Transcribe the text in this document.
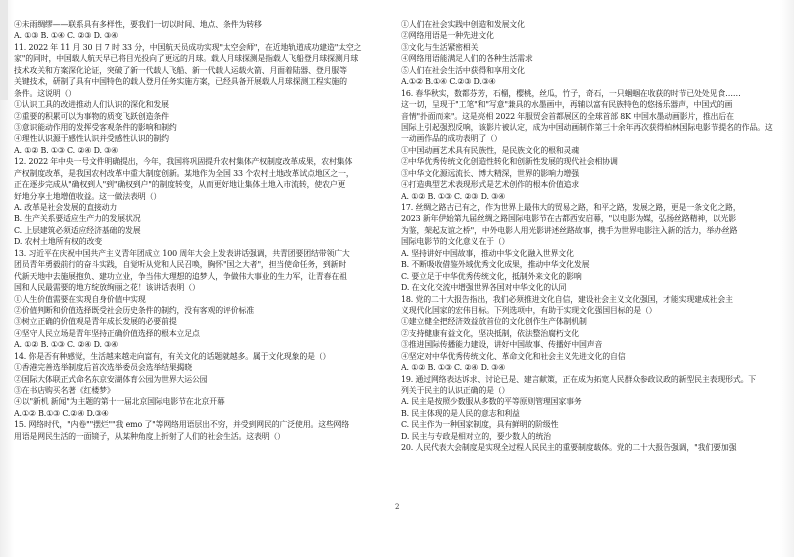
④未雨绸缪——联系具有多样性，要我们一切以时间、地点、条件为转移
A. ①③ B. ①④ C. ②③ D. ③④
11. 2022 年 11 月 30 日 7 时 33 分，中国航天员成功实现"太空会师"，在近地轨道成功建造"太空之
家"的同时，中国载人航天早已将目光投向了更远的月球。载人月球探测是指载人飞船登月球探测月球
技术攻关和方案深化论证，突破了新一代载人飞船、新一代载人运载火箭、月面着陆器、登月服等
关键技术，研制了具有中国特色的载人登月任务实施方案，已经具备开展载人月球探测工程实施的
条件。这说明（）
①认识工具的改进推动人们认识的深化和发展
②重要的积累可以为事物的质变飞跃创造条件
③意识能动作用的发挥受客观条件的影响和制约
④理性认识源于感性认识并受感性认识的制约
A. ①② B. ①③ C. ②④ D. ③④
12. 2022 年中央一号文件明确提出，今年，我国将巩固提升农村集体产权制度改革成果，农村集体
产权制度改革，是我国农村改革中重大制度创新。某地作为全国 33 个农村土地改革试点地区之一，
正在逐步完成从"确权到人"到"确权到户"的制度转变，从而更好地让集体土地入市流转，使农户更
好地分享土地增值收益。这一做法表明（）
A. 改革是社会发展的直接动力
B. 生产关系要适应生产力的发展状况
C. 上层建筑必须适应经济基础的发展
D. 农村土地所有权的改变
13. 习近平在庆祝中国共产主义青年团成立 100 周年大会上发表讲话强调，共青团要团结带领广大
团员青年勇毅前行的奋斗实践，自觉听从党和人民召唤，胸怀"国之大者"，担当使命任务，到新时
代新天地中去施展抱负、建功立业，争当伟大理想的追梦人，争做伟大事业的生力军，让青春在祖
国和人民最需要的地方绽放绚丽之花！该讲话表明（）
①人生价值需要在实现自身价值中实现
②价值判断和价值选择既受社会历史条件的制约，没有客观的评价标准
③树立正确的价值观是青年成长发展的必要前提
④坚守人民立场是青年坚持正确价值选择的根本立足点
A. ①② B. ①③ C. ②④ D. ③④
14. 你是否有种感觉，生活越来越走向富有，有关文化的话题就越多。属于文化现象的是（）
①香港完善选举制度后首次选举委员会选举结果揭晓
②国际大体联正式命名东京安湖体育公园为世界大运公园
③在书店购买名著《红楼梦》
④以"新机 新闻"为主题的第十一届北京国际电影节在北京开幕
A.①② B.①③ C.②④ D.③④
15. 网络时代，"内卷""摆烂""我 emo 了"等网络用语层出不穷，并受到网民的广泛使用。这些网络
用语是网民生活的一面镜子，从某种角度上折射了人们的社会生活。这表明（）
①人们在社会实践中创造和发展文化
②网络用语是一种先进文化
③文化与生活紧密相关
④网络用语能满足人们的各种生活需求
⑤人们在社会生活中获得和享用文化
A.①② B.①④ C.②③ D.③④
16. 春华秋实，数都芬芳，石榴，樱桃，丝瓜，竹子，奇石，一只蝈蝈在收获的时节已处处见食……
这一切，呈现于"工笔"和"写意"兼具的水墨画中，再辅以富有民族特色的悠扬乐器声，中国式的画
音情"扑面而来"。这是亮相 2022 年服贸会首都展区的全球首部 8K 中国水墨动画影片，推出后在
国际上引起强烈反响，该影片被认定，成为中国动画制作第三十余年再次获得柏林国际电影节提名的作品。这
一动画作品的成功表明了（）
①中国动画艺术具有民族性，是民族文化的根和灵魂
②中华优秀传统文化创造性转化和创新性发展的现代社会相协调
③中华文化源远流长、博大精深，世界的影响力增强
④打造典型艺术表现形式是艺术创作的根本价值追求
A. ①② B. ①③ C. ②③ D. ③④
17. 丝绸之路古已有之，作为世界上最伟大的贸易之路，和平之路，发展之路，更是一条文化之路，
2023 新年伊始第九届丝绸之路国际电影节在古都西安启幕，"以电影为媒，弘扬丝路精神，以光影
为鉴，架起友谊之桥"，中外电影人用光影讲述丝路故事，携手为世界电影注入新的活力，举办丝路
国际电影节的文化意义在于（）
A. 坚持讲好中国故事，推动中华文化融入世界文化
B. 不断吸收借鉴外域优秀文化成果，推动中华文化发展
C. 要立足于中华优秀传统文化，抵制外来文化的影响
D. 在文化交流中增强世界各国对中华文化的认同
18. 党的二十大报告指出，我们必须推进文化自信，建设社会主义文化强国，才能实现建成社会主
义现代化国家的宏伟目标。下列选项中，有助于实现文化强国目标的是（）
①建立健全把经济效益放首位的文化创作生产体制机制
②支持健康有益文化，坚决抵制，依法整治腐朽文化
③推进国际传播能力建设，讲好中国故事、传播好中国声音
④坚定对中华优秀传统文化、革命文化和社会主义先进文化的自信
A. ①② B. ①③ C. ②④ D. ③④
19. 通过网络表达诉求、讨论已是、建言献策，正在成为拓宽人民群众参政议政的新型民主表现形式。下
列关于民主的认识正确的是（）
A. 民主是按照少数服从多数的平等原则管理国家事务
B. 民主体现的是人民的意志和利益
C. 民主作为一种国家制度，具有鲜明的阶级性
D. 民主与专政是相对立的，要少数人的统治
20. 人民代表大会制度是实现全过程人民民主的重要制度载体。党的二十大报告强调，"我们要加强
2
